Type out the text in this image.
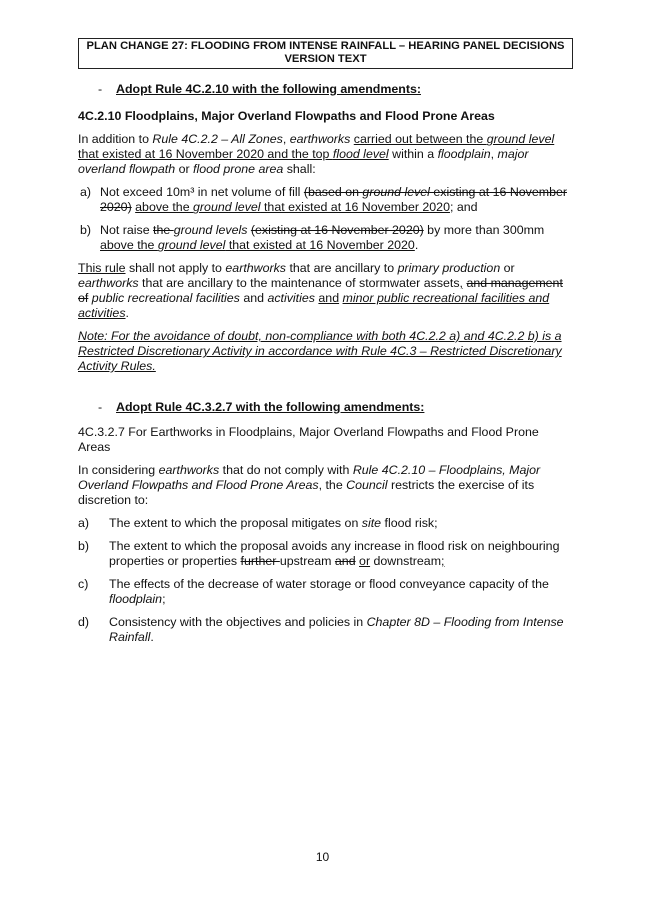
PLAN CHANGE 27: FLOODING FROM INTENSE RAINFALL – HEARING PANEL DECISIONS
VERSION TEXT
- Adopt Rule 4C.2.10 with the following amendments:
4C.2.10 Floodplains, Major Overland Flowpaths and Flood Prone Areas

In addition to Rule 4C.2.2 – All Zones, earthworks carried out between the ground level that existed at 16 November 2020 and the top flood level within a floodplain, major overland flowpath or flood prone area shall:

a) Not exceed 10m³ in net volume of fill (based on ground level existing at 16 November 2020) above the ground level that existed at 16 November 2020; and
b) Not raise the ground levels (existing at 16 November 2020) by more than 300mm above the ground level that existed at 16 November 2020.

This rule shall not apply to earthworks that are ancillary to primary production or earthworks that are ancillary to the maintenance of stormwater assets, and management of public recreational facilities and activities and minor public recreational facilities and activities.

Note: For the avoidance of doubt, non-compliance with both 4C.2.2 a) and 4C.2.2 b) is a Restricted Discretionary Activity in accordance with Rule 4C.3 – Restricted Discretionary Activity Rules.

- Adopt Rule 4C.3.2.7 with the following amendments:

4C.3.2.7 For Earthworks in Floodplains, Major Overland Flowpaths and Flood Prone Areas

In considering earthworks that do not comply with Rule 4C.2.10 – Floodplains, Major Overland Flowpaths and Flood Prone Areas, the Council restricts the exercise of its discretion to:

a) The extent to which the proposal mitigates on site flood risk;
b) The extent to which the proposal avoids any increase in flood risk on neighbouring properties or properties further upstream and or downstream;
c) The effects of the decrease of water storage or flood conveyance capacity of the floodplain;
d) Consistency with the objectives and policies in Chapter 8D – Flooding from Intense Rainfall.
10
